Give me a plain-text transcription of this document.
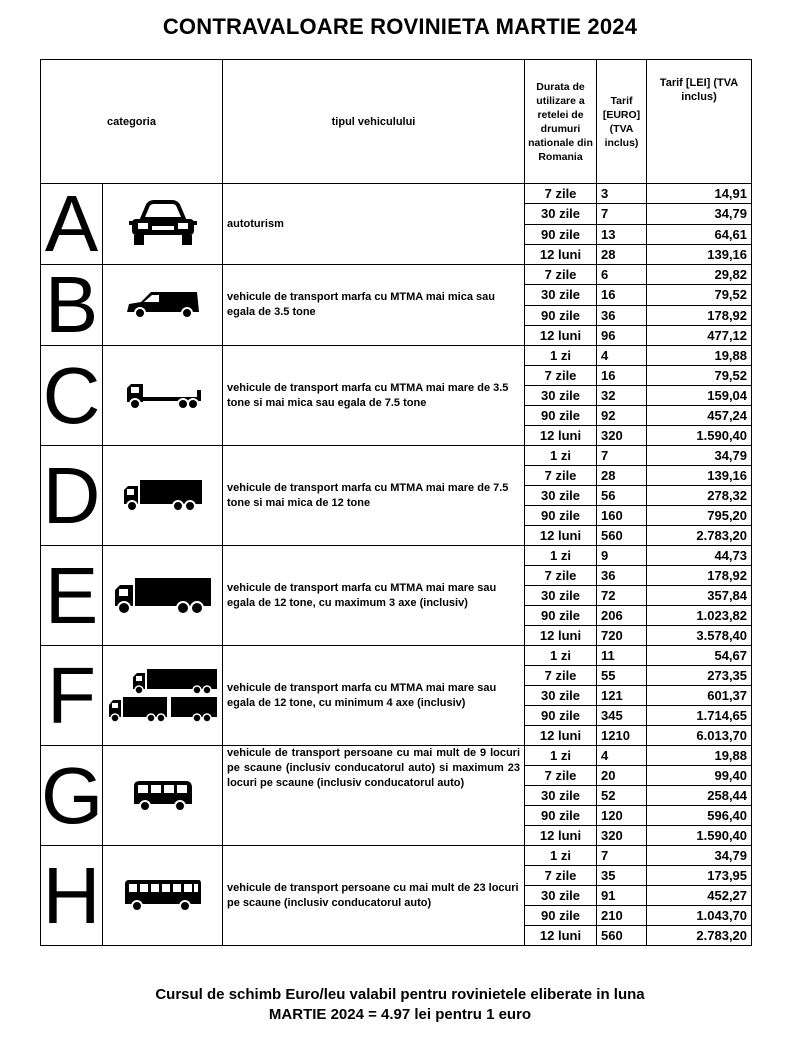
CONTRAVALOARE ROVINIETA MARTIE 2024
categoria		tipul vehiculului	Durata de utilizare a retelei de drumuri nationale din Romania	Tarif [EURO] (TVA inclus)	Tarif [LEI] (TVA inclus)
A		autoturism	7 zile	3	14,91
			30 zile	7	34,79
			90 zile	13	64,61
			12 luni	28	139,16
B		vehicule de transport marfa cu MTMA mai mica sau egala de 3.5 tone	7 zile	6	29,82
			30 zile	16	79,52
			90 zile	36	178,92
			12 luni	96	477,12
C		vehicule de transport marfa cu MTMA mai mare de 3.5 tone si mai mica sau egala de 7.5 tone	1 zi	4	19,88
			7 zile	16	79,52
			30 zile	32	159,04
			90 zile	92	457,24
			12 luni	320	1.590,40
D		vehicule de transport marfa cu MTMA mai mare de 7.5 tone si mai mica de 12 tone	1 zi	7	34,79
			7 zile	28	139,16
			30 zile	56	278,32
			90 zile	160	795,20
			12 luni	560	2.783,20
E		vehicule de transport marfa cu MTMA mai mare sau egala de 12 tone, cu maximum 3 axe (inclusiv)	1 zi	9	44,73
			7 zile	36	178,92
			30 zile	72	357,84
			90 zile	206	1.023,82
			12 luni	720	3.578,40
F		vehicule de transport marfa cu MTMA mai mare sau egala de 12 tone, cu minimum 4 axe (inclusiv)	1 zi	11	54,67
			7 zile	55	273,35
			30 zile	121	601,37
			90 zile	345	1.714,65
			12 luni	1210	6.013,70
G		vehicule de transport persoane cu mai mult de 9 locuri pe scaune (inclusiv conducatorul auto) si maximum 23 locuri pe scaune (inclusiv conducatorul auto)	1 zi	4	19,88
			7 zile	20	99,40
			30 zile	52	258,44
			90 zile	120	596,40
			12 luni	320	1.590,40
H		vehicule de transport persoane cu mai mult de 23 locuri pe scaune (inclusiv conducatorul auto)	1 zi	7	34,79
			7 zile	35	173,95
			30 zile	91	452,27
			90 zile	210	1.043,70
			12 luni	560	2.783,20
Cursul de schimb Euro/leu valabil pentru rovinietele eliberate in luna
MARTIE 2024 = 4.97 lei pentru 1 euro
